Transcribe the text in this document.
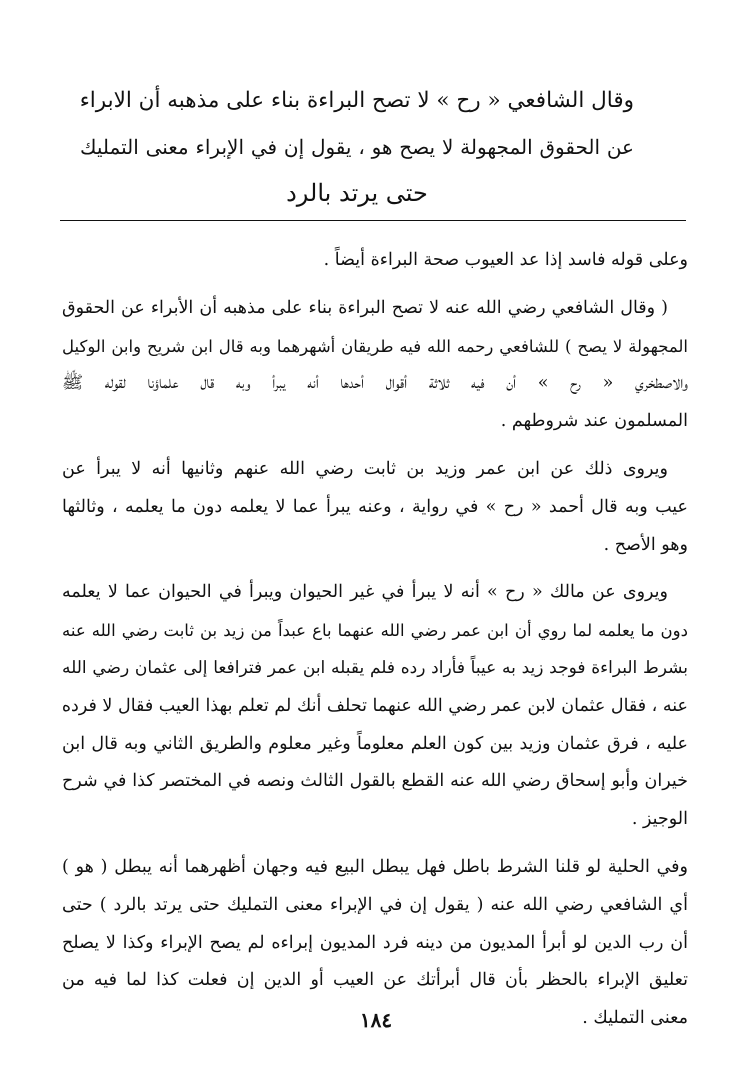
وقال الشافعي « رح » لا تصح البراءة بناء على مذهبه أن الابراء
عن الحقوق المجهولة لا يصح هو ، يقول إن في الإبراء معنى التمليك
حتى يرتد بالرد
وعلى قوله فاسد إذا عد العيوب صحة البراءة أيضاً .
( وقال الشافعي رضي الله عنه لا تصح البراءة بناء على مذهبه أن الأبراء عن الحقوق
المجهولة لا يصح ) للشافعي رحمه الله فيه طريقان أشهرهما وبه قال ابن شريح وابن الوكيل
والاصطخري « رح » أن فيه ثلاثة أقوال أحدها أنه يبرأ وبه قال علماؤنا لقوله ﷺ
المسلمون عند شروطهم .
ويروى ذلك عن ابن عمر وزيد بن ثابت رضي الله عنهم وثانيها أنه لا يبرأ عن
عيب وبه قال أحمد « رح » في رواية ، وعنه يبرأ عما لا يعلمه دون ما يعلمه ، وثالثها
وهو الأصح .
ويروى عن مالك « رح » أنه لا يبرأ في غير الحيوان ويبرأ في الحيوان عما لا يعلمه
دون ما يعلمه لما روي أن ابن عمر رضي الله عنهما باع عبداً من زيد بن ثابت رضي الله عنه
بشرط البراءة فوجد زيد به عيباً فأراد رده فلم يقبله ابن عمر فترافعا إلى عثمان رضي الله
عنه ، فقال عثمان لابن عمر رضي الله عنهما تحلف أنك لم تعلم بهذا العيب فقال لا فرده
عليه ، فرق عثمان وزيد بين كون العلم معلوماً وغير معلوم والطريق الثاني وبه قال ابن
خيران وأبو إسحاق رضي الله عنه القطع بالقول الثالث ونصه في المختصر كذا في شرح
الوجيز .
وفي الحلية لو قلنا الشرط باطل فهل يبطل البيع فيه وجهان أظهرهما أنه يبطل ( هو )
أي الشافعي رضي الله عنه ( يقول إن في الإبراء معنى التمليك حتى يرتد بالرد ) حتى
أن رب الدين لو أبرأ المديون من دينه فرد المديون إبراءه لم يصح الإبراء وكذا لا يصلح
تعليق الإبراء بالحظر بأن قال أبرأتك عن العيب أو الدين إن فعلت كذا لما فيه من
معنى التمليك .
١٨٤
